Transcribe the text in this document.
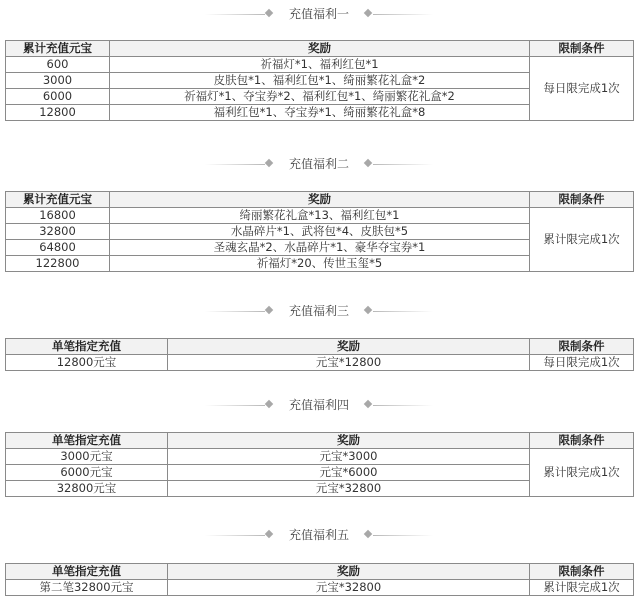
充值福利一
累计充值元宝	奖励	限制条件
600	祈福灯*1、福利红包*1	每日限完成1次
3000	皮肤包*1、福利红包*1、绮丽繁花礼盒*2	
6000	祈福灯*1、夺宝券*2、福利红包*1、绮丽繁花礼盒*2	
12800	福利红包*1、夺宝券*1、绮丽繁花礼盒*8	
充值福利二
累计充值元宝	奖励	限制条件
16800	绮丽繁花礼盒*13、福利红包*1	累计限完成1次
32800	水晶碎片*1、武将包*4、皮肤包*5	
64800	圣魂玄晶*2、水晶碎片*1、豪华夺宝券*1	
122800	祈福灯*20、传世玉玺*5	
充值福利三
单笔指定充值	奖励	限制条件
12800元宝	元宝*12800	每日限完成1次
充值福利四
单笔指定充值	奖励	限制条件
3000元宝	元宝*3000	累计限完成1次
6000元宝	元宝*6000	
32800元宝	元宝*32800	
充值福利五
单笔指定充值	奖励	限制条件
第二笔32800元宝	元宝*32800	累计限完成1次
